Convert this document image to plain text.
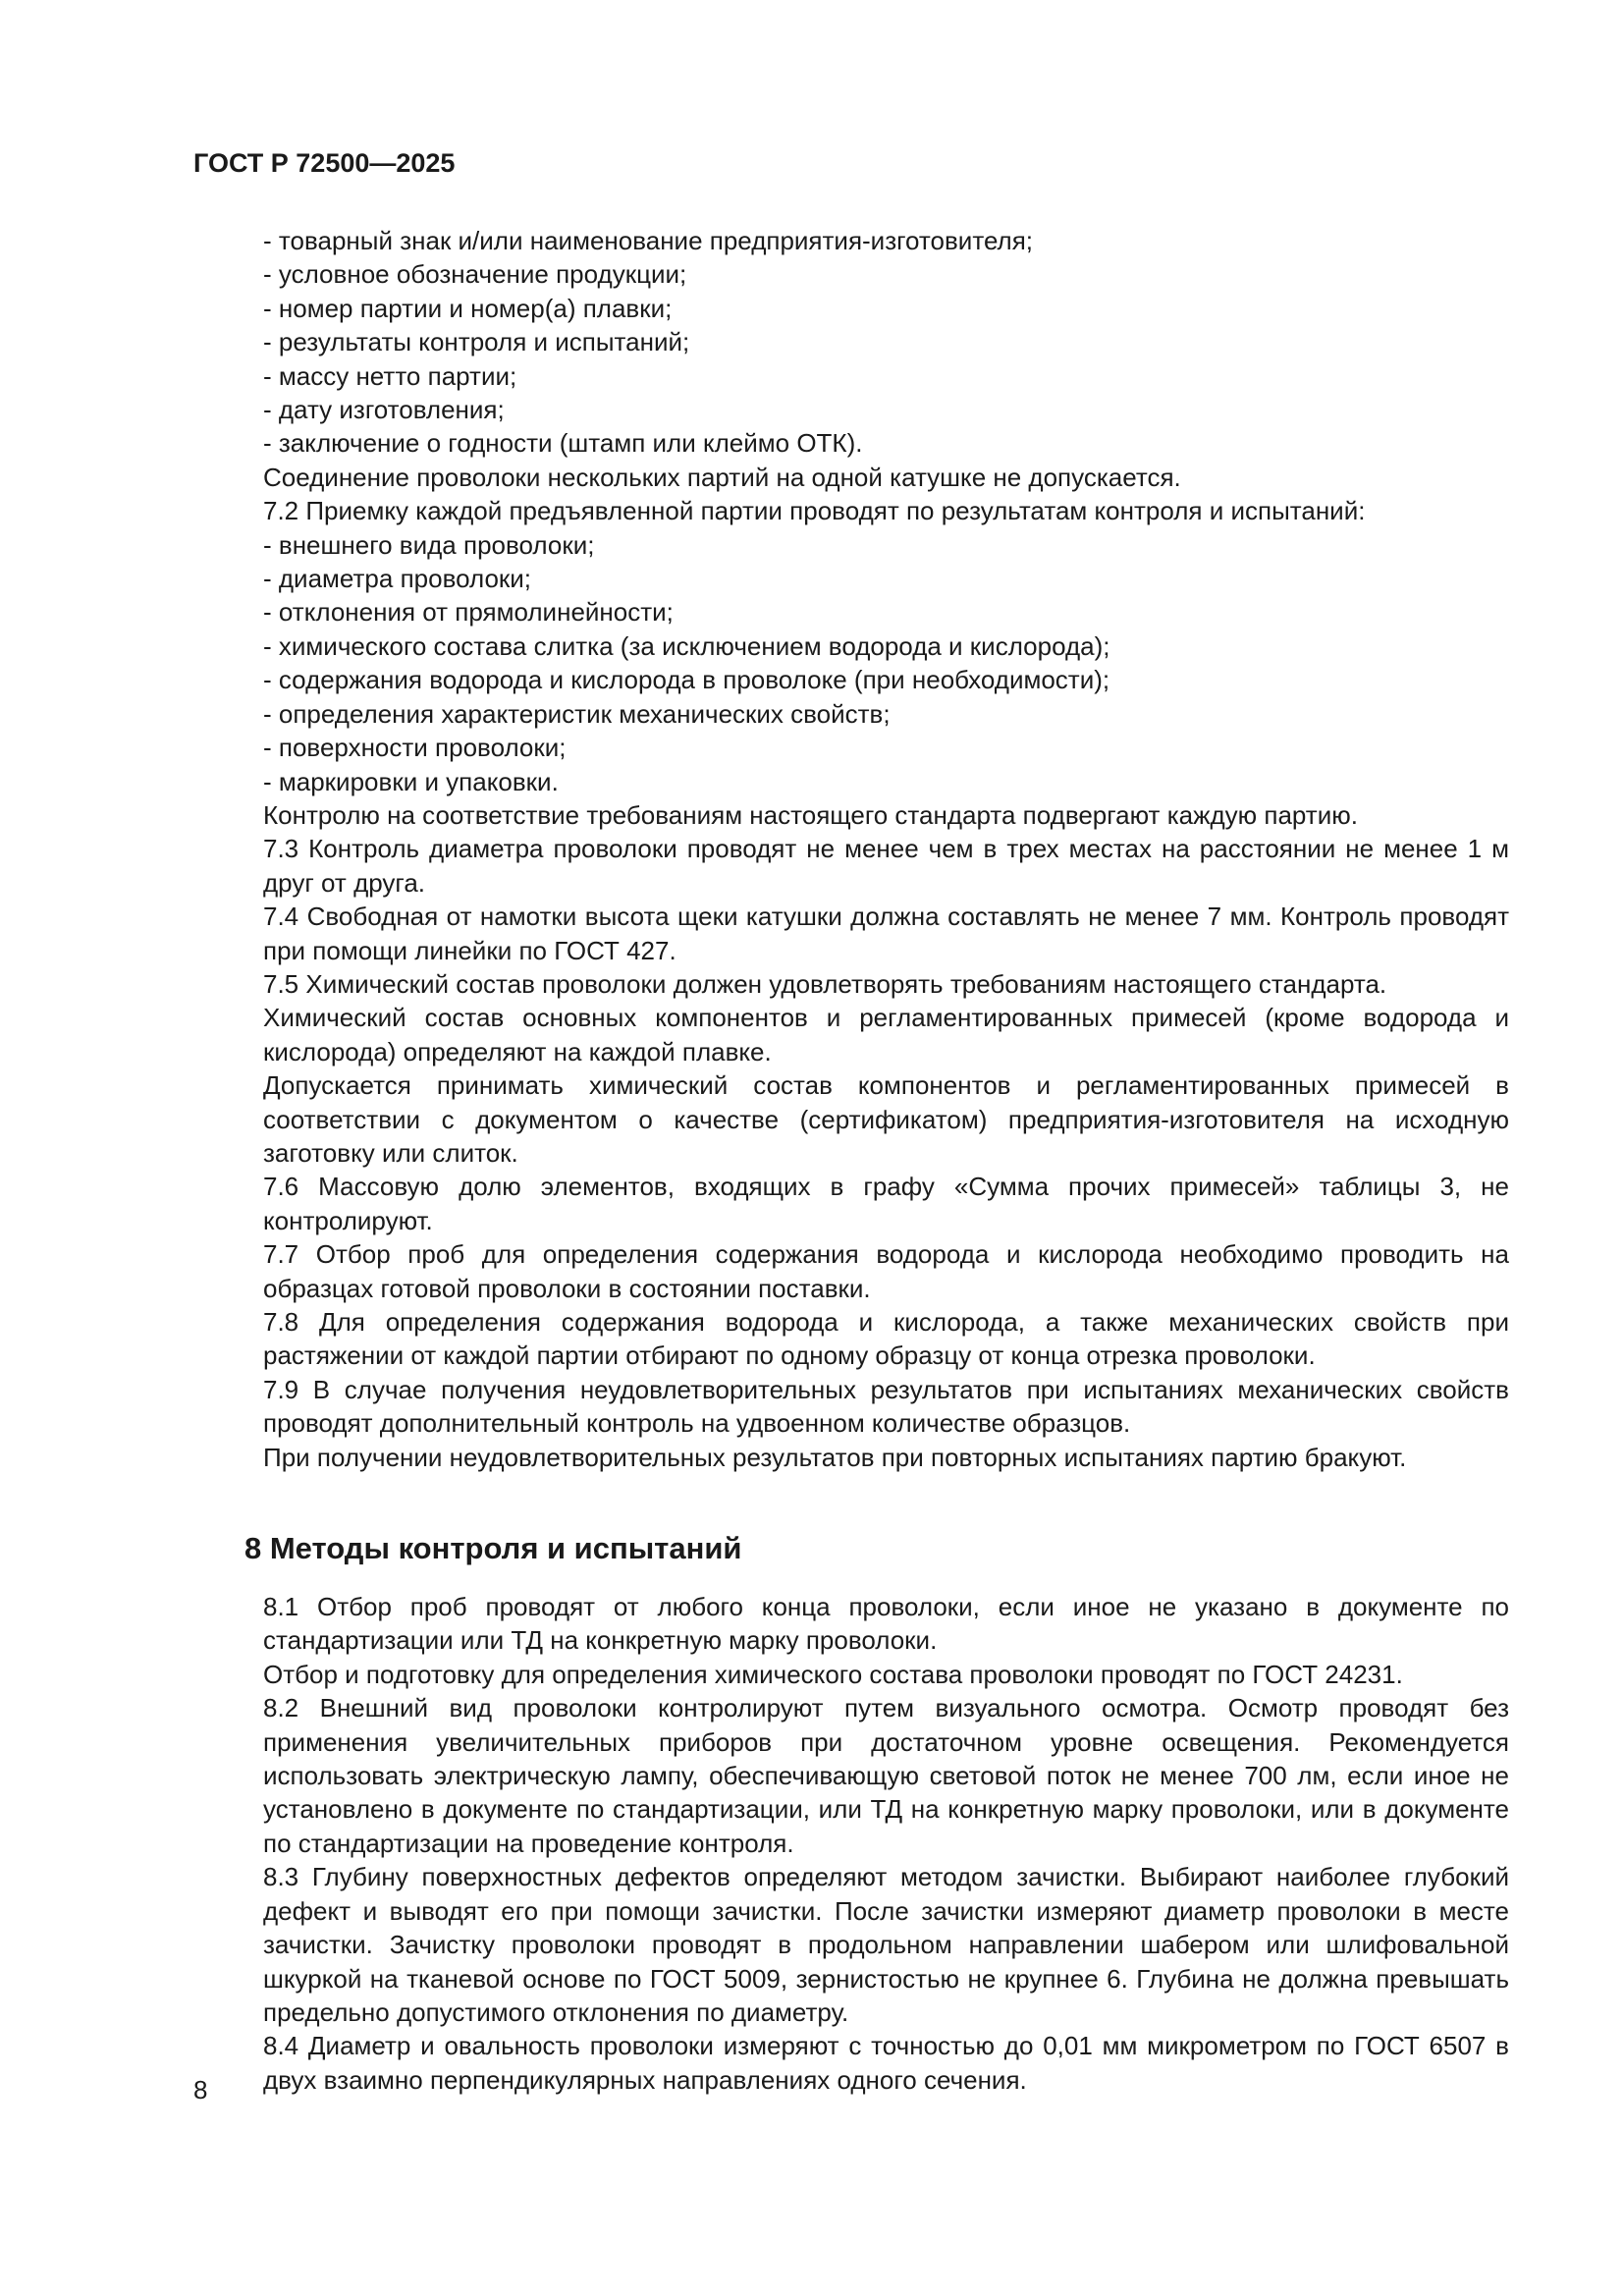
ГОСТ Р 72500—2025

- товарный знак и/или наименование предприятия-изготовителя;

- условное обозначение продукции;

- номер партии и номер(а) плавки;

- результаты контроля и испытаний;

- массу нетто партии;

- дату изготовления;

- заключение о годности (штамп или клеймо ОТК).

Соединение проволоки нескольких партий на одной катушке не допускается.

7.2 Приемку каждой предъявленной партии проводят по результатам контроля и испытаний:

- внешнего вида проволоки;

- диаметра проволоки;

- отклонения от прямолинейности;

- химического состава слитка (за исключением водорода и кислорода);

- содержания водорода и кислорода в проволоке (при необходимости);

- определения характеристик механических свойств;

- поверхности проволоки;

- маркировки и упаковки.

Контролю на соответствие требованиям настоящего стандарта подвергают каждую партию.

7.3 Контроль диаметра проволоки проводят не менее чем в трех местах на расстоянии не менее 1 м друг от друга.

7.4 Свободная от намотки высота щеки катушки должна составлять не менее 7 мм. Контроль проводят при помощи линейки по ГОСТ 427.

7.5 Химический состав проволоки должен удовлетворять требованиям настоящего стандарта.

Химический состав основных компонентов и регламентированных примесей (кроме водорода и кислорода) определяют на каждой плавке.

Допускается принимать химический состав компонентов и регламентированных примесей в соответствии с документом о качестве (сертификатом) предприятия-изготовителя на исходную заготовку или слиток.

7.6 Массовую долю элементов, входящих в графу «Сумма прочих примесей» таблицы 3, не контролируют.

7.7 Отбор проб для определения содержания водорода и кислорода необходимо проводить на образцах готовой проволоки в состоянии поставки.

7.8 Для определения содержания водорода и кислорода, а также механических свойств при растяжении от каждой партии отбирают по одному образцу от конца отрезка проволоки.

7.9 В случае получения неудовлетворительных результатов при испытаниях механических свойств проводят дополнительный контроль на удвоенном количестве образцов.

При получении неудовлетворительных результатов при повторных испытаниях партию бракуют.

8 Методы контроля и испытаний

8.1 Отбор проб проводят от любого конца проволоки, если иное не указано в документе по стандартизации или ТД на конкретную марку проволоки.

Отбор и подготовку для определения химического состава проволоки проводят по ГОСТ 24231.

8.2 Внешний вид проволоки контролируют путем визуального осмотра. Осмотр проводят без применения увеличительных приборов при достаточном уровне освещения. Рекомендуется использовать электрическую лампу, обеспечивающую световой поток не менее 700 лм, если иное не установлено в документе по стандартизации, или ТД на конкретную марку проволоки, или в документе по стандартизации на проведение контроля.

8.3 Глубину поверхностных дефектов определяют методом зачистки. Выбирают наиболее глубокий дефект и выводят его при помощи зачистки. После зачистки измеряют диаметр проволоки в месте зачистки. Зачистку проволоки проводят в продольном направлении шабером или шлифовальной шкуркой на тканевой основе по ГОСТ 5009, зернистостью не крупнее 6. Глубина не должна превышать предельно допустимого отклонения по диаметру.

8.4 Диаметр и овальность проволоки измеряют с точностью до 0,01 мм микрометром по ГОСТ 6507 в двух взаимно перпендикулярных направлениях одного сечения.

8
